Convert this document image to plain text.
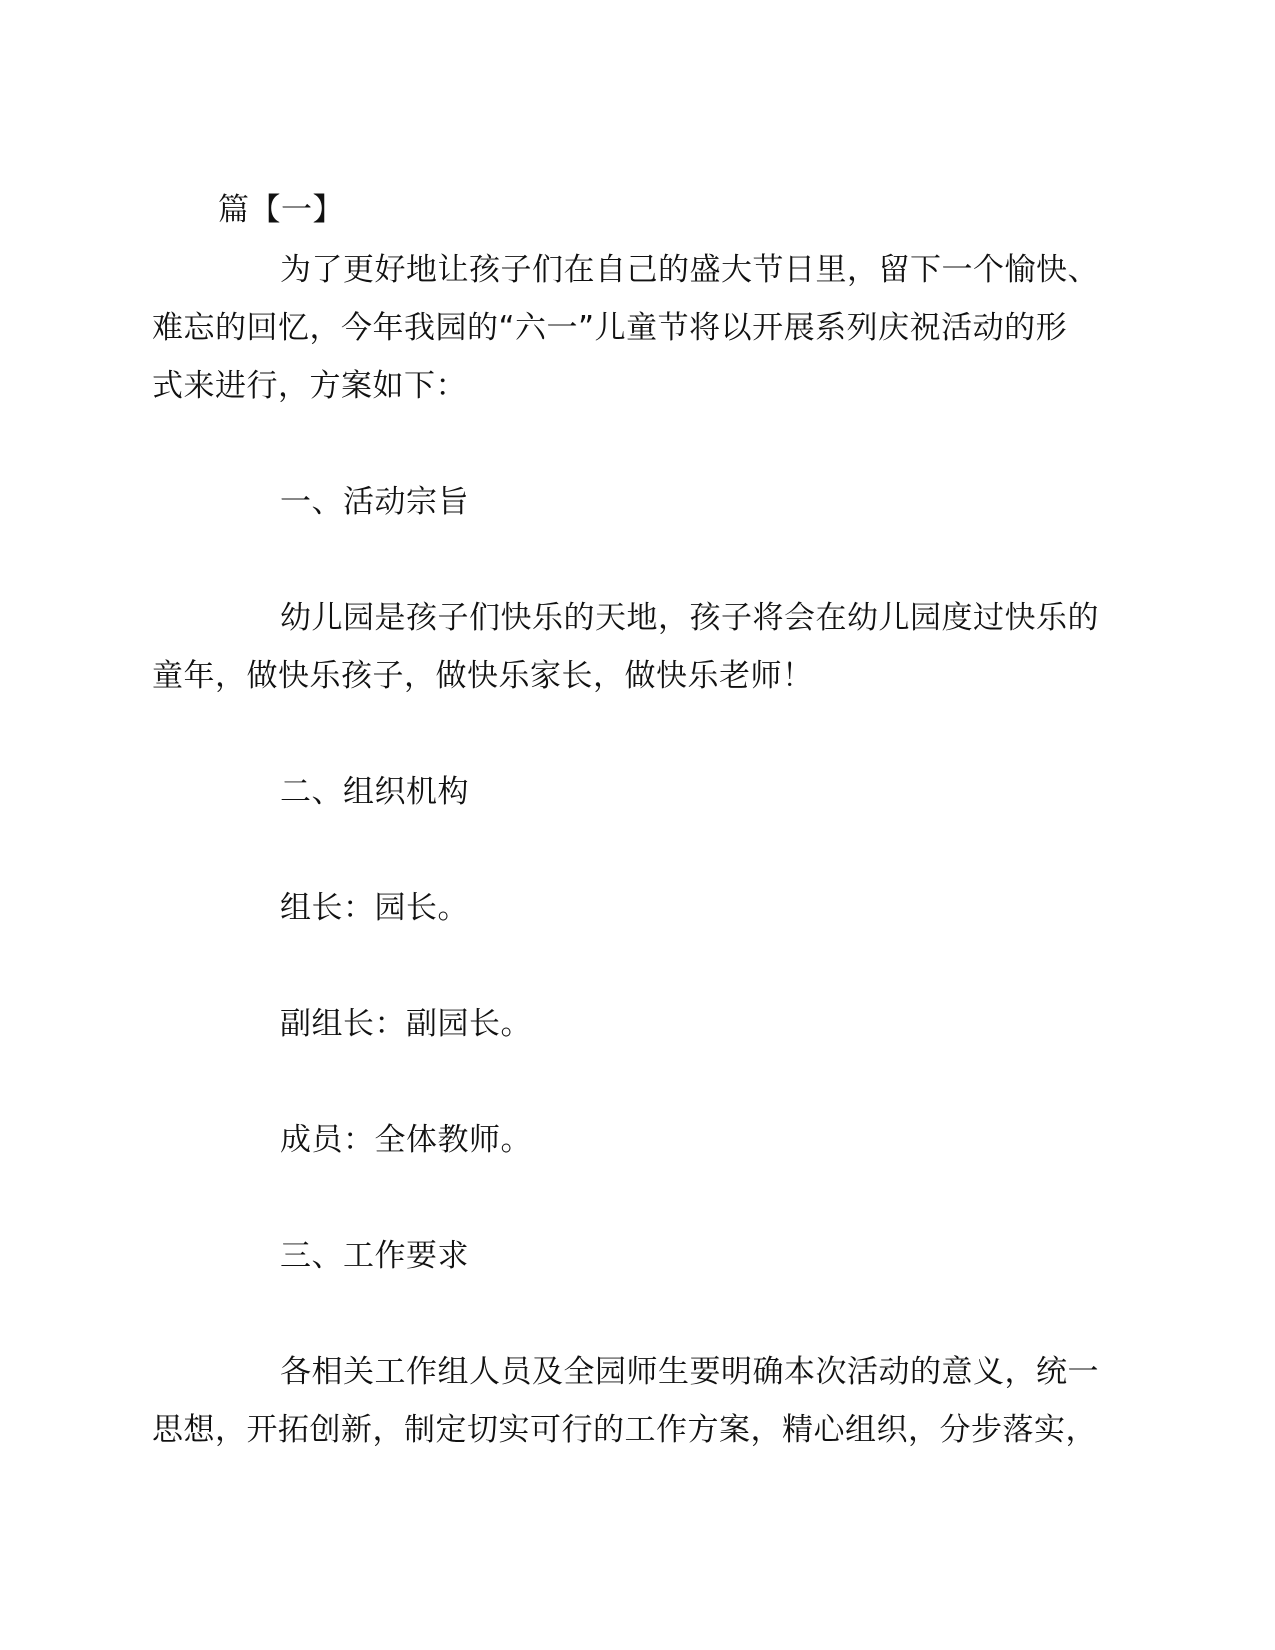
篇【一】
为了更好地让孩子们在自己的盛大节日里，留下一个愉快、
难忘的回忆，今年我园的“六一”儿童节将以开展系列庆祝活动的形
式来进行，方案如下：
一、活动宗旨
幼儿园是孩子们快乐的天地，孩子将会在幼儿园度过快乐的
童年，做快乐孩子，做快乐家长，做快乐老师！
二、组织机构
组长：园长。
副组长：副园长。
成员：全体教师。
三、工作要求
各相关工作组人员及全园师生要明确本次活动的意义，统一
思想，开拓创新，制定切实可行的工作方案，精心组织，分步落实，
